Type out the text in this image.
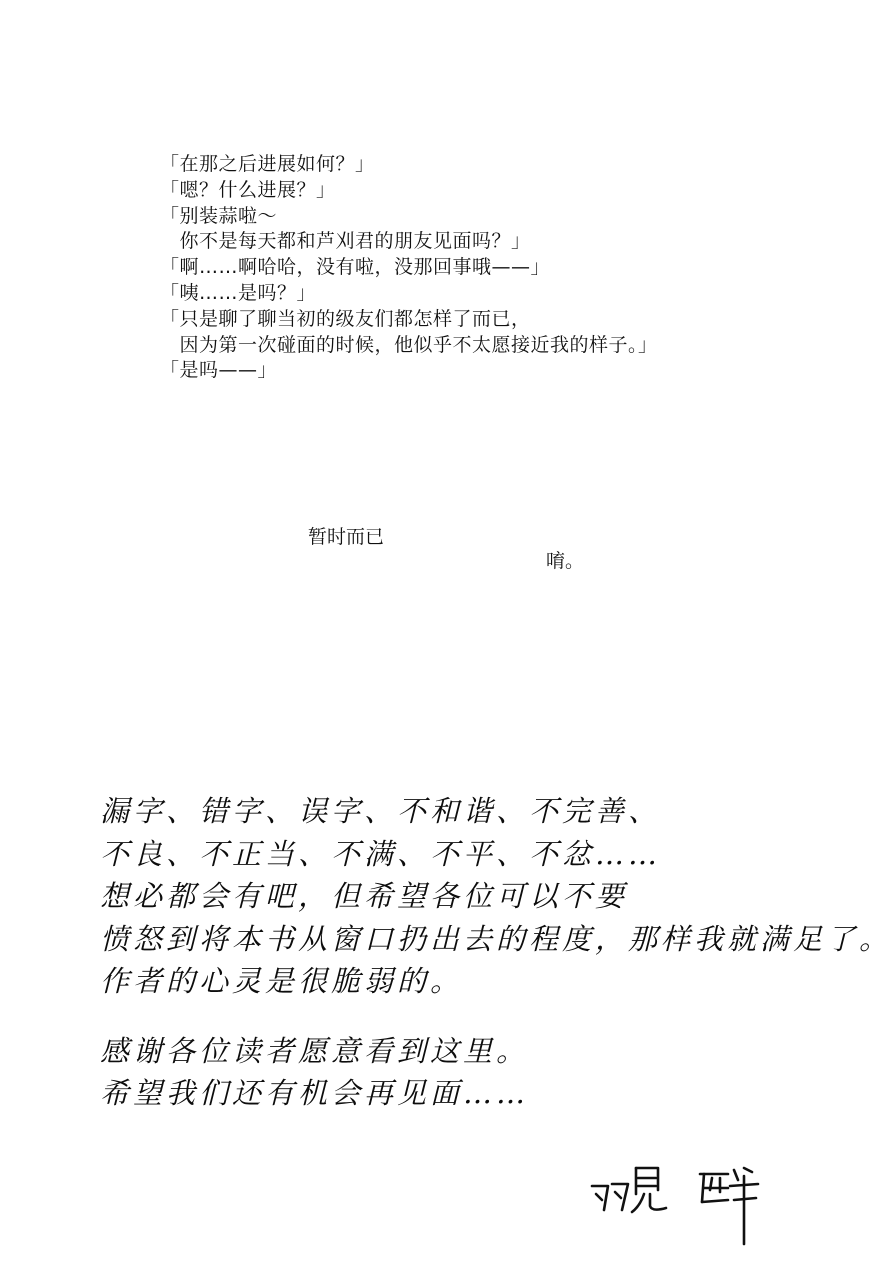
「在那之后进展如何？」
「嗯？什么进展？」
「别装蒜啦～
　你不是每天都和芦刈君的朋友见面吗？」
「啊……啊哈哈，没有啦，没那回事哦——」
「咦……是吗？」
「只是聊了聊当初的级友们都怎样了而已，
　因为第一次碰面的时候，他似乎不太愿接近我的样子。」
「是吗——」
暂时而已
唷。
漏字、错字、误字、不和谐、不完善、
不良、不正当、不满、不平、不忿……
想必都会有吧，但希望各位可以不要
愤怒到将本书从窗口扔出去的程度，那样我就满足了。
作者的心灵是很脆弱的。
感谢各位读者愿意看到这里。
希望我们还有机会再见面……
